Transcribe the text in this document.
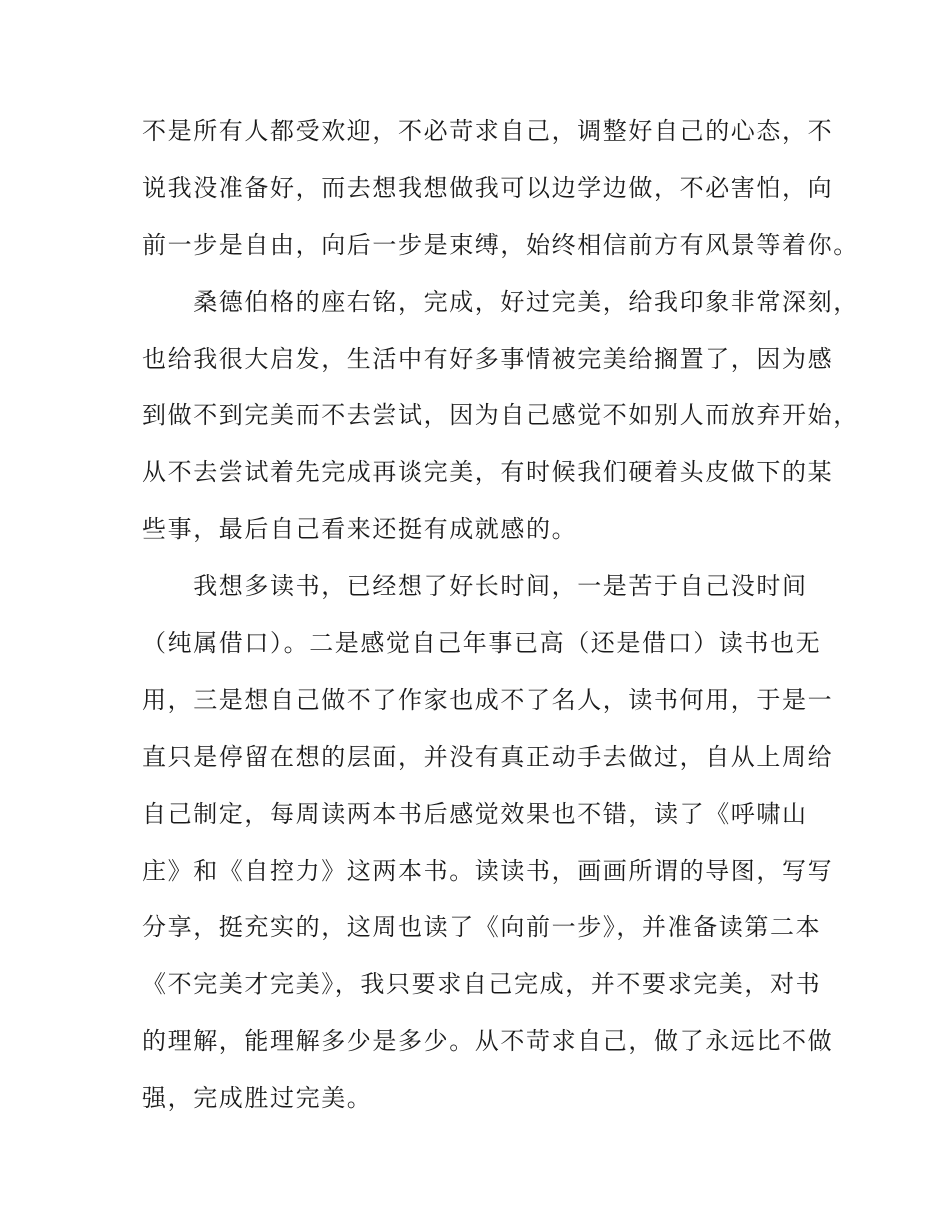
不是所有人都受欢迎，不必苛求自己，调整好自己的心态，不
说我没准备好，而去想我想做我可以边学边做，不必害怕，向
前一步是自由，向后一步是束缚，始终相信前方有风景等着你。
　　桑德伯格的座右铭，完成，好过完美，给我印象非常深刻，
也给我很大启发，生活中有好多事情被完美给搁置了，因为感
到做不到完美而不去尝试，因为自己感觉不如别人而放弃开始，
从不去尝试着先完成再谈完美，有时候我们硬着头皮做下的某
些事，最后自己看来还挺有成就感的。
　　我想多读书，已经想了好长时间，一是苦于自己没时间
（纯属借口）。二是感觉自己年事已高（还是借口）读书也无
用，三是想自己做不了作家也成不了名人，读书何用，于是一
直只是停留在想的层面，并没有真正动手去做过，自从上周给
自己制定，每周读两本书后感觉效果也不错，读了《呼啸山
庄》和《自控力》这两本书。读读书，画画所谓的导图，写写
分享，挺充实的，这周也读了《向前一步》，并准备读第二本
《不完美才完美》，我只要求自己完成，并不要求完美，对书
的理解，能理解多少是多少。从不苛求自己，做了永远比不做
强，完成胜过完美。
